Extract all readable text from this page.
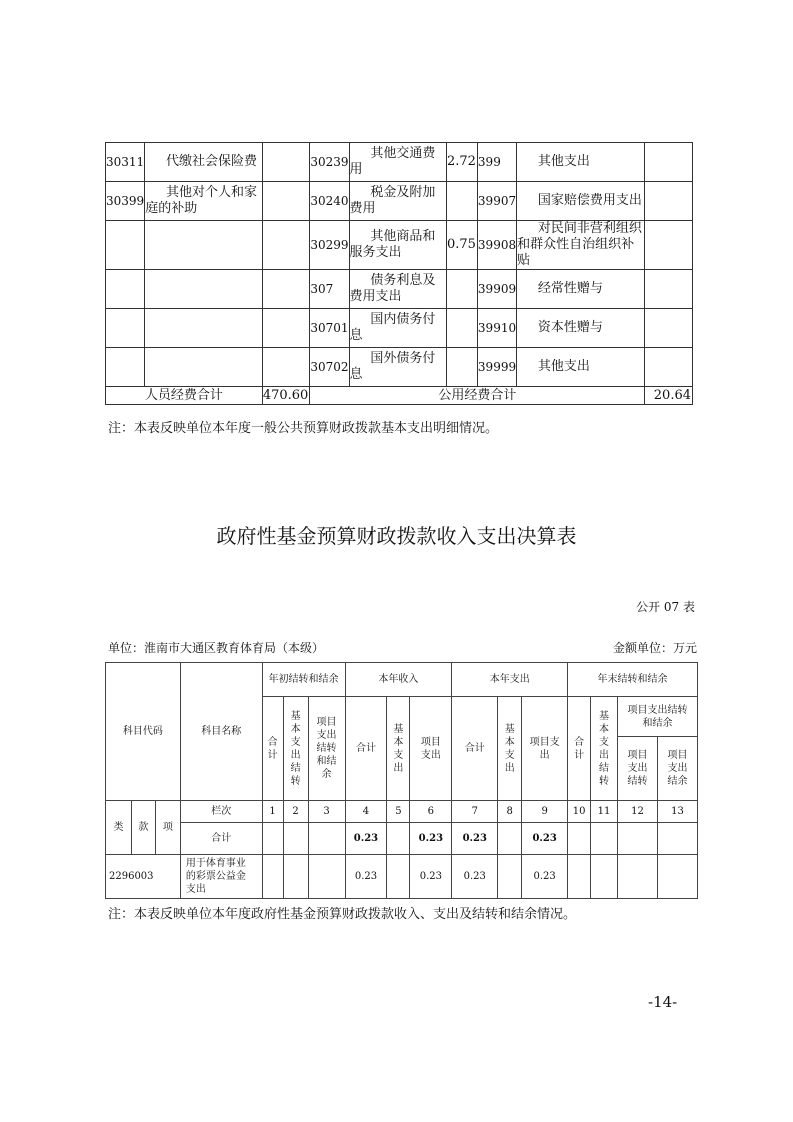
30311	代缴社会保险费		30239	其他交通费用	2.72	399	其他支出	
30399	其他对个人和家庭的补助		30240	税金及附加费用		39907	国家赔偿费用支出	
			30299	其他商品和服务支出	0.75	39908	对民间非营利组织和群众性自治组织补贴	
			307	债务利息及费用支出		39909	经常性赠与	
			30701	国内债务付息		39910	资本性赠与	
			30702	国外债务付息		39999	其他支出	
人员经费合计		470.60	公用经费合计					20.64
注：本表反映单位本年度一般公共预算财政拨款基本支出明细情况。
政府性基金预算财政拨款收入支出决算表
公开 07 表
单位：淮南市大通区教育体育局（本级）	金额单位：万元
科目代码			科目名称	年初结转和结余			本年收入			本年支出			年末结转和结余			
				合计	基本支出结转	项目支出结转和结余	合计	基本支出	项目支出	合计	基本支出	项目支出	合计	基本支出结转	项目支出结转和结余	
															项目支出结转	项目支出结余
类	款	项	栏次	1	2	3	4	5	6	7	8	9	10	11	12	13
			合计				0.23		0.23	0.23		0.23				
2296003			用于体育事业的彩票公益金支出				0.23		0.23	0.23		0.23				
注：本表反映单位本年度政府性基金预算财政拨款收入、支出及结转和结余情况。
-14-
